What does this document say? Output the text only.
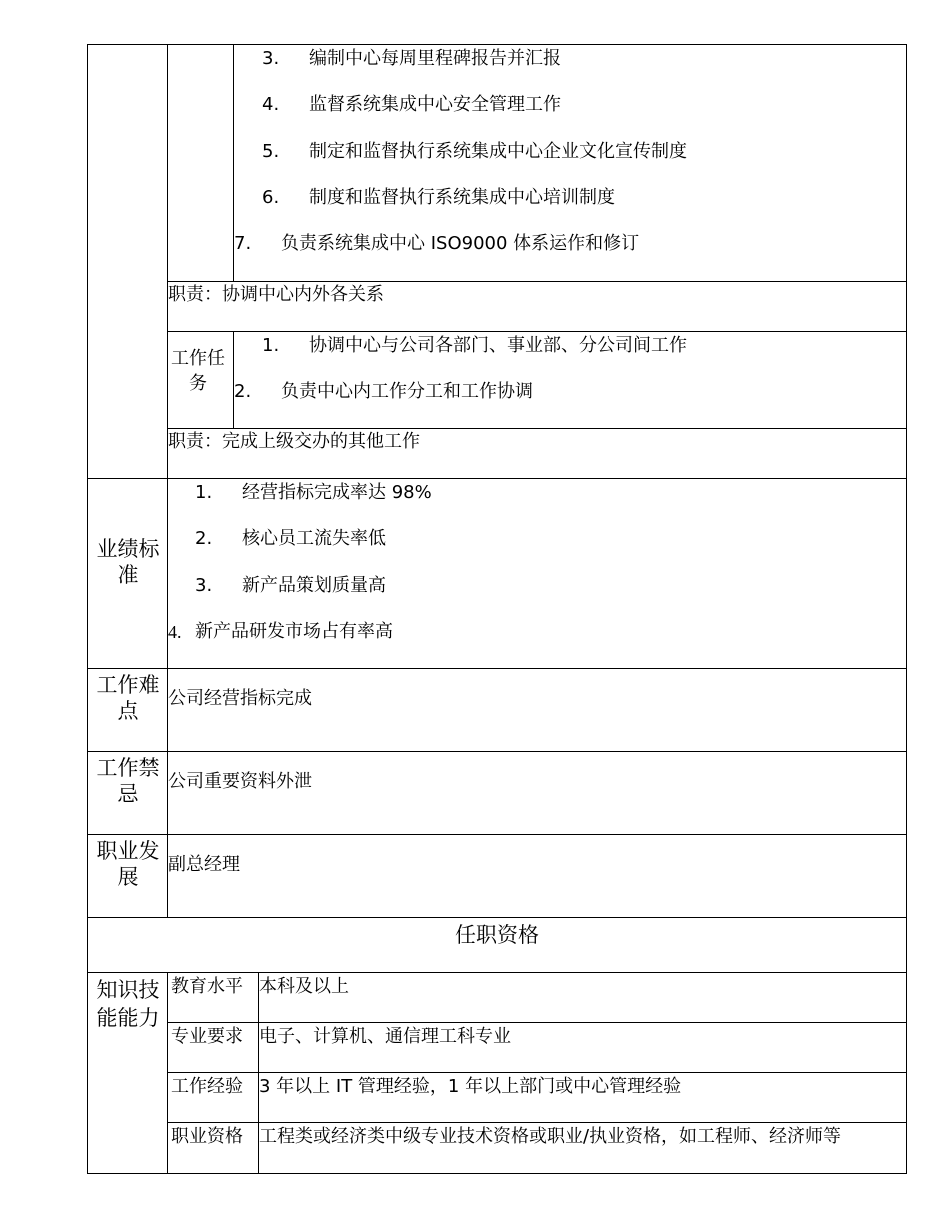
3. 编制中心每周里程碑报告并汇报
4. 监督系统集成中心安全管理工作
5. 制定和监督执行系统集成中心企业文化宣传制度
6. 制度和监督执行系统集成中心培训制度
7. 负责系统集成中心 ISO9000 体系运作和修订
职责：协调中心内外各关系
工作任务
1. 协调中心与公司各部门、事业部、分公司间工作
2. 负责中心内工作分工和工作协调
职责：完成上级交办的其他工作
业绩标准
1. 经营指标完成率达 98%
2. 核心员工流失率低
3. 新产品策划质量高
4. 新产品研发市场占有率高
工作难点
公司经营指标完成
工作禁忌
公司重要资料外泄
职业发展
副总经理
任职资格
知识技能能力
教育水平 本科及以上
专业要求 电子、计算机、通信理工科专业
工作经验 3 年以上 IT 管理经验，1 年以上部门或中心管理经验
职业资格 工程类或经济类中级专业技术资格或职业/执业资格，如工程师、经济师等
